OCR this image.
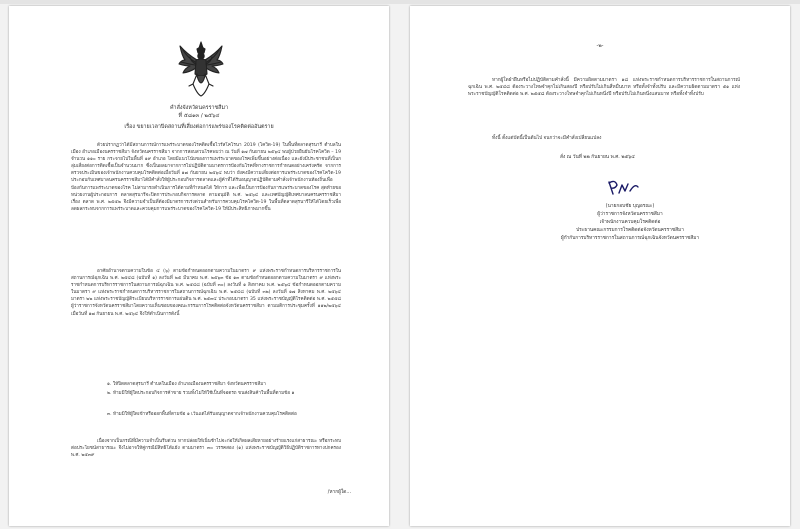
คำสั่งจังหวัดนครราชสีมา
ที่ ๕๘๑๓ / ๒๕๖๔
เรื่อง ขยายเวลาปิดสถานที่เสี่ยงต่อการแพร่ของโรคติดต่ออันตราย

ด้วยปรากฏว่าได้มีสถานการณ์การแพร่ระบาดของโรคติดเชื้อไวรัสโคโรนา 2019 (โควิด-19) ในพื้นที่ตลาดสุรนารี ตำบลในเมือง อำเภอเมืองนครราชสีมา จังหวัดนครราชสีมา จากการสอบสวนโรคพบว่า ณ วันที่ ๑๗ กันยายน ๒๕๖๔ พบผู้ป่วยยืนยันโรคโควิด – 19 จำนวน ๑๑๐ ราย กระจายไปในพื้นที่ ๑๙ อำเภอ โดยมีแนวโน้มของการแพร่ระบาดของโรคเพิ่มขึ้นอย่างต่อเนื่อง และยังมีประชาชนที่เป็นกลุ่มเสี่ยงต่อการติดเชื้อเป็นจำนวนมาก ซึ่งเป็นผลมาจากการไม่ปฏิบัติตามมาตรการป้องกันโรคที่ทางราชการกำหนดอย่างเคร่งครัด จากการตรวจประเมินของเจ้าพนักงานควบคุมโรคติดต่อเมื่อวันที่ ๑๗ กันยายน ๒๕๖๔ พบว่า ยังคงมีความเสี่ยงต่อการแพร่ระบาดของโรคโควิด-19 ประกอบกับเทศบาลนครนครราชสีมาได้มีคำสั่งให้ผู้ประกอบกิจการตลาดและผู้ค้าที่ได้รับอนุญาตปฏิบัติตามคำสั่งเจ้าพนักงานท้องถิ่นเพื่อป้องกันการแพร่ระบาดของโรค ไม่สามารถดำเนินการได้ตามที่กำหนดได้ ให้การ และเพื่อเป็นการป้องกันการแพร่ระบาดของโรค สุดท้ายขอหน่วยงานผู้ประกอบการ ตลาดสุรนารีจะปิดการประกอบกิจการตลาด ตามอนุมัติ พ.ศ. ๒๕๖๔ และเทศบัญญัติเทศบาลนครนครราชสีมา เรื่อง ตลาด พ.ศ. ๒๕๕๒ จึงมีความจำเป็นที่ต้องมีมาตรการเร่งด่วนสำหรับการควบคุมโรคโควิด-19 ในพื้นที่ตลาดสุรนารีให้ได้โดยเร็วเพื่อลดผลกระทบจากการแพร่ระบาดและควบคุมการแพร่ระบาดของโรคโควิด-19 ให้มีประสิทธิภาพมากขึ้น

อาศัยอำนาจตามความในข้อ ๔ (๖) ตามข้อกำหนดออกตามความในมาตรา ๙ แห่งพระราชกำหนดการบริหารราชการในสถานการณ์ฉุกเฉิน พ.ศ. ๒๕๔๘ (ฉบับที่ ๑) ลงวันที่ ๒๕ มีนาคม พ.ศ. ๒๕๖๓ ข้อ ๑๓ ตามข้อกำหนดออกตามความในมาตรา ๙ แห่งพระราชกำหนดการบริหารราชการในสถานการณ์ฉุกเฉิน พ.ศ. ๒๕๔๘ (ฉบับที่ ๓๐) ลงวันที่ ๑ สิงหาคม พ.ศ. ๒๕๖๔ ข้อกำหนดออกตามความในมาตรา ๙ แห่งพระราชกำหนดการบริหารราชการในสถานการณ์ฉุกเฉิน พ.ศ. ๒๕๔๘ (ฉบับที่ ๓๒) ลงวันที่ ๑๗ สิงหาคม พ.ศ. ๒๕๖๔ มาตรา ๒๒ แห่งพระราชบัญญัติระเบียบบริหารราชการแผ่นดิน พ.ศ. ๒๕๓๔ ประกอบมาตรา 35 แห่งพระราชบัญญัติโรคติดต่อ พ.ศ. ๒๕๕๘ ผู้ว่าราชการจังหวัดนครราชสีมาโดยความเห็นชอบของคณะกรรมการโรคติดต่อจังหวัดนครราชสีมา ตามมติการประชุมครั้งที่ ๑๑๒/๒๕๖๔ เมื่อวันที่ ๑๗ กันยายน พ.ศ. ๒๕๖๔ จึงให้ดำเนินการดังนี้

๑. ให้ปิดตลาดสุรนารี ตำบลในเมือง อำเภอเมืองนครราชสีมา จังหวัดนครราชสีมา

๒. ห้ามมิให้ผู้ใดประกอบกิจการค้าขาย รวมทั้งไม่ให้ใช้เป็นที่จอดรถ ขนส่งสินค้าในพื้นที่ตามข้อ ๑

๓. ห้ามมิให้ผู้ใดเข้าหรือออกพื้นที่ตามข้อ ๑ เว้นแต่ได้รับอนุญาตจากเจ้าพนักงานควบคุมโรคติดต่อ

เนื่องจากเป็นกรณีที่มีความจำเป็นรีบด่วน หากปล่อยให้เนิ่นช้าไปจะก่อให้เกิดผลเสียหายอย่างร้ายแรงแก่สาธารณะ หรือกระทบต่อประโยชน์สาธารณะ จึงไม่อาจให้คู่กรณีมีสิทธิโต้แย้ง ตามมาตรา ๓๐ วรรคสอง (๑) แห่งพระราชบัญญัติวิธีปฏิบัติราชการทางปกครอง พ.ศ. ๒๕๓๙

/หากผู้ใด...
-๒-

หากผู้ใดฝ่าฝืนหรือไม่ปฏิบัติตามคำสั่งนี้ มีความผิดตามมาตรา ๑๘ แห่งพระราชกำหนดการบริหารราชการในสถานการณ์ฉุกเฉิน พ.ศ. ๒๕๔๘ ต้องระวางโทษจำคุกไม่เกินสองปี หรือปรับไม่เกินสี่หมื่นบาท หรือทั้งจำทั้งปรับ และมีความผิดตามมาตรา ๕๑ แห่งพระราชบัญญัติโรคติดต่อ พ.ศ. ๒๕๕๘ ต้องระวางโทษจำคุกไม่เกินหนึ่งปี หรือปรับไม่เกินหนึ่งแสนบาท หรือทั้งจำทั้งปรับ

ทั้งนี้ ตั้งแต่บัดนี้เป็นต้นไป จนกว่าจะมีคำสั่งเปลี่ยนแปลง

สั่ง ณ วันที่ ๒๒ กันยายน พ.ศ. ๒๕๖๔
(นายกอบชัย บุญอรณะ)
ผู้ว่าราชการจังหวัดนครราชสีมา
เจ้าพนักงานควบคุมโรคติดต่อ
ประธานคณะกรรมการโรคติดต่อจังหวัดนครราชสีมา
ผู้กำกับการบริหารราชการในสถานการณ์ฉุกเฉินจังหวัดนครราชสีมา
